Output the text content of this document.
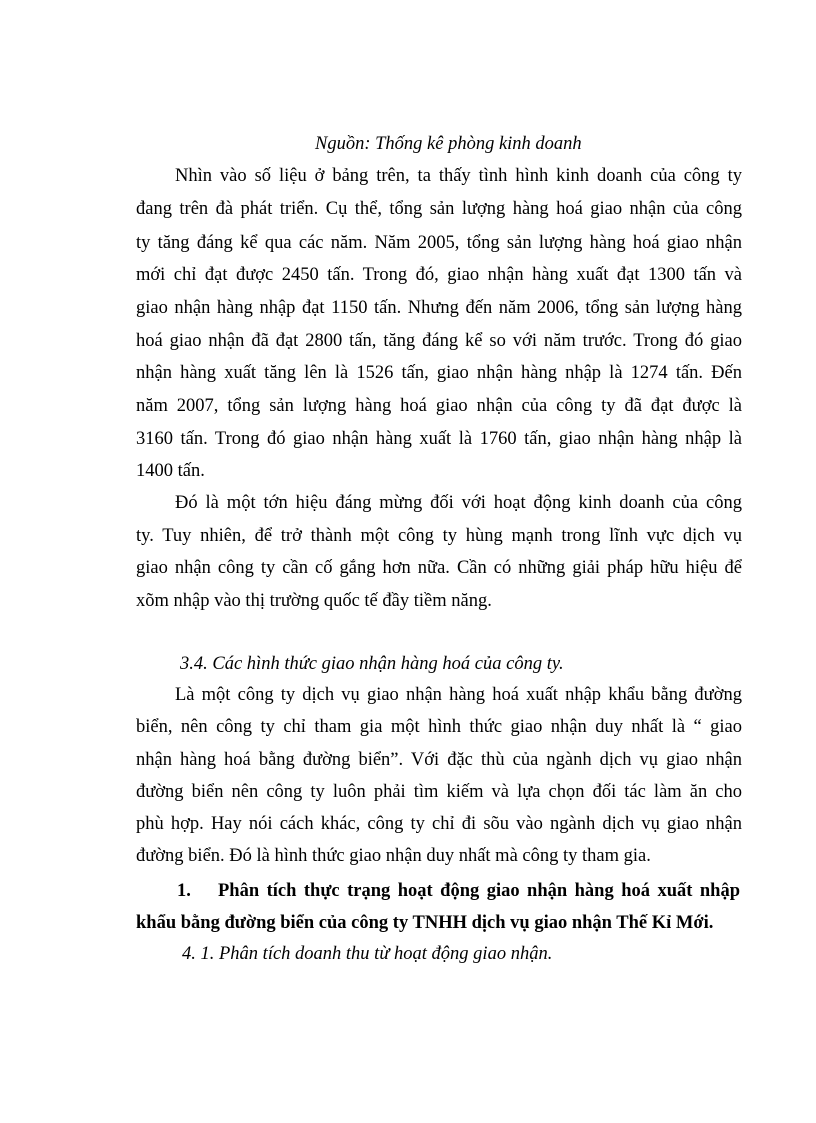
Nguồn: Thống kê phòng kinh doanh
Nhìn vào số liệu ở bảng trên, ta thấy tình hình kinh doanh của công ty
đang trên đà phát triển. Cụ thể, tổng sản lượng hàng hoá giao nhận của công
ty tăng đáng kể qua các năm. Năm 2005, tổng sản lượng hàng hoá giao nhận
mới chỉ đạt được 2450 tấn. Trong đó, giao nhận hàng xuất đạt 1300 tấn và
giao nhận hàng nhập đạt 1150 tấn. Nhưng đến năm 2006, tổng sản lượng hàng
hoá giao nhận đã đạt 2800 tấn, tăng đáng kể so với năm trước. Trong đó giao
nhận hàng xuất tăng lên là 1526 tấn, giao nhận hàng nhập là 1274 tấn. Đến
năm 2007, tổng sản lượng hàng hoá giao nhận của công ty đã đạt được là
3160 tấn. Trong đó giao nhận hàng xuất là 1760 tấn, giao nhận hàng nhập là
1400 tấn.
Đó là một tớn hiệu đáng mừng đối với hoạt động kinh doanh của công
ty. Tuy nhiên, để trở thành một công ty hùng mạnh trong lĩnh vực dịch vụ
giao nhận công ty cần cố gắng hơn nữa. Cần có những giải pháp hữu hiệu để
xõm nhập vào thị trường quốc tế đầy tiềm năng.
3.4. Các hình thức giao nhận hàng hoá của công ty.
Là một công ty dịch vụ giao nhận hàng hoá xuất nhập khẩu bằng đường
biển, nên công ty chỉ tham gia một hình thức giao nhận duy nhất là “ giao
nhận hàng hoá bằng đường biển”. Với đặc thù của ngành dịch vụ giao nhận
đường biển nên công ty luôn phải tìm kiếm và lựa chọn đối tác làm ăn cho
phù hợp. Hay nói cách khác, công ty chỉ đi sõu vào ngành dịch vụ giao nhận
đường biển. Đó là hình thức giao nhận duy nhất mà công ty tham gia.
1. Phân tích thực trạng hoạt động giao nhận hàng hoá xuất nhập
khẩu bằng đường biển của công ty TNHH dịch vụ giao nhận Thế Kỉ Mới.
4. 1. Phân tích doanh thu từ hoạt động giao nhận.
